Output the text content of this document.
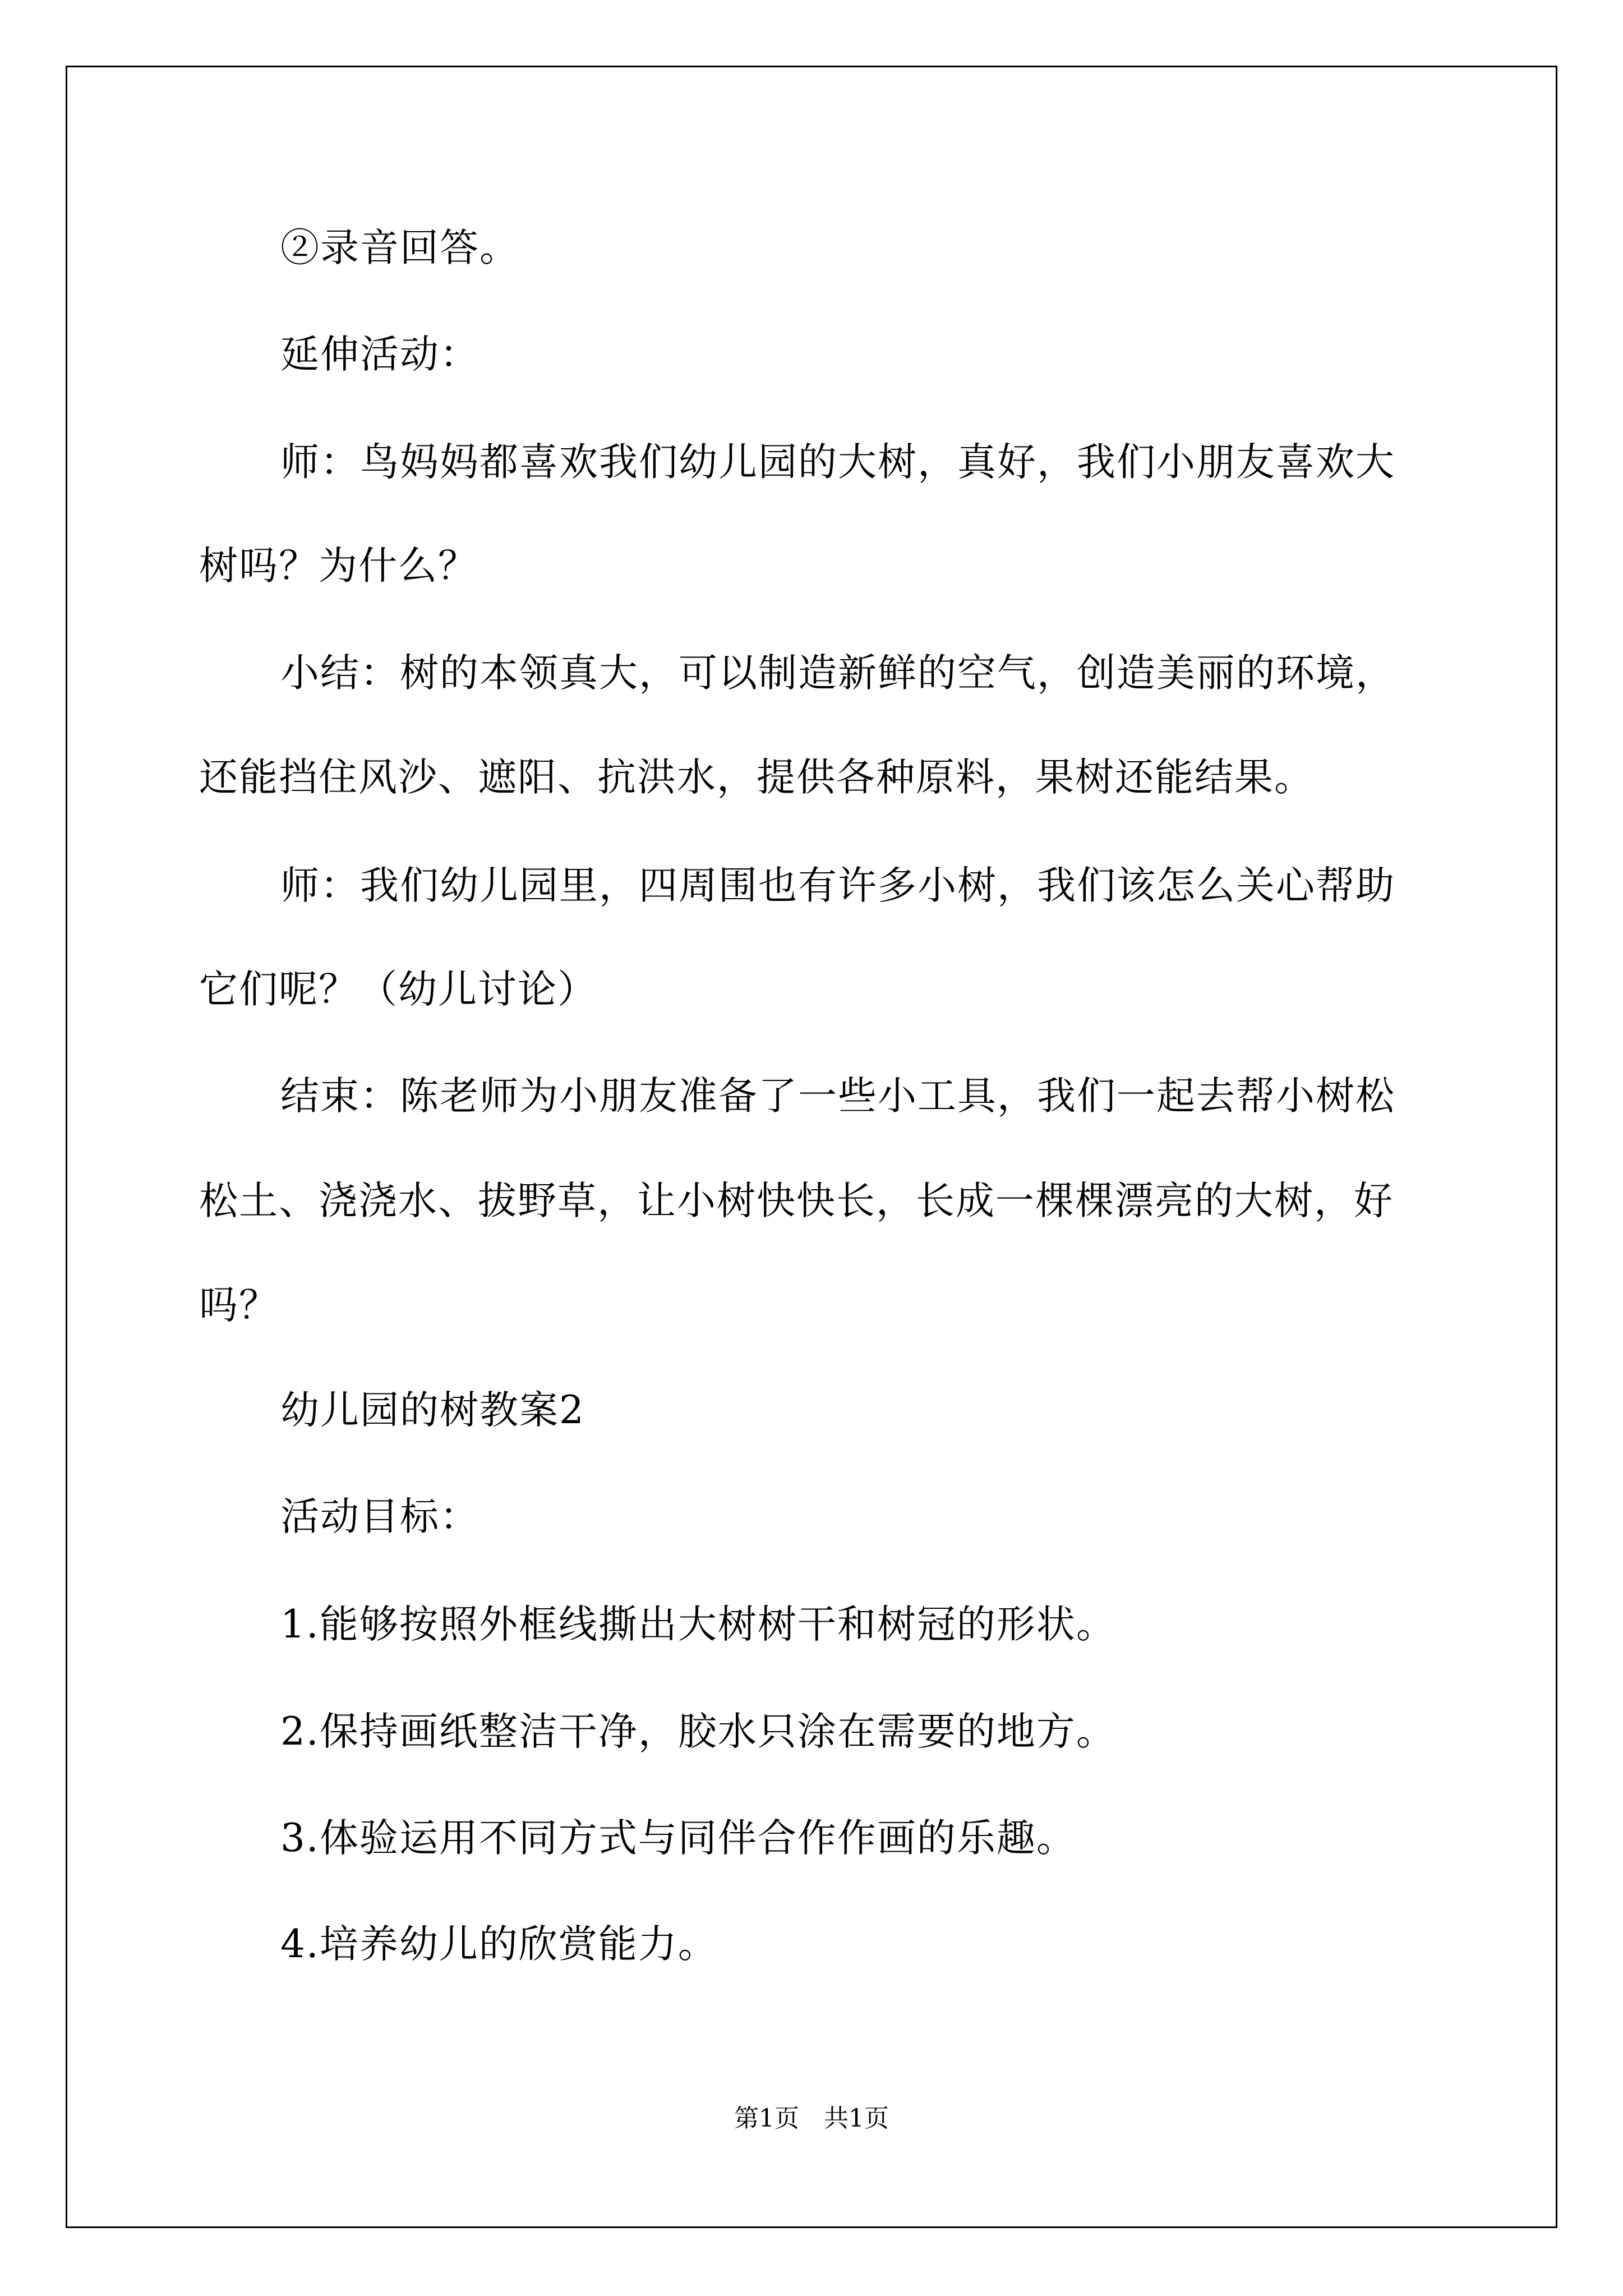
②录音回答。
延伸活动：
师：鸟妈妈都喜欢我们幼儿园的大树，真好，我们小朋友喜欢大
树吗？为什么？
小结：树的本领真大，可以制造新鲜的空气，创造美丽的环境，
还能挡住风沙、遮阳、抗洪水，提供各种原料，果树还能结果。
师：我们幼儿园里，四周围也有许多小树，我们该怎么关心帮助
它们呢？（幼儿讨论）
结束：陈老师为小朋友准备了一些小工具，我们一起去帮小树松
松土、浇浇水、拔野草，让小树快快长，长成一棵棵漂亮的大树，好
吗？
幼儿园的树教案2
活动目标：
1.能够按照外框线撕出大树树干和树冠的形状。
2.保持画纸整洁干净，胶水只涂在需要的地方。
3.体验运用不同方式与同伴合作作画的乐趣。
4.培养幼儿的欣赏能力。
第1页　共1页
